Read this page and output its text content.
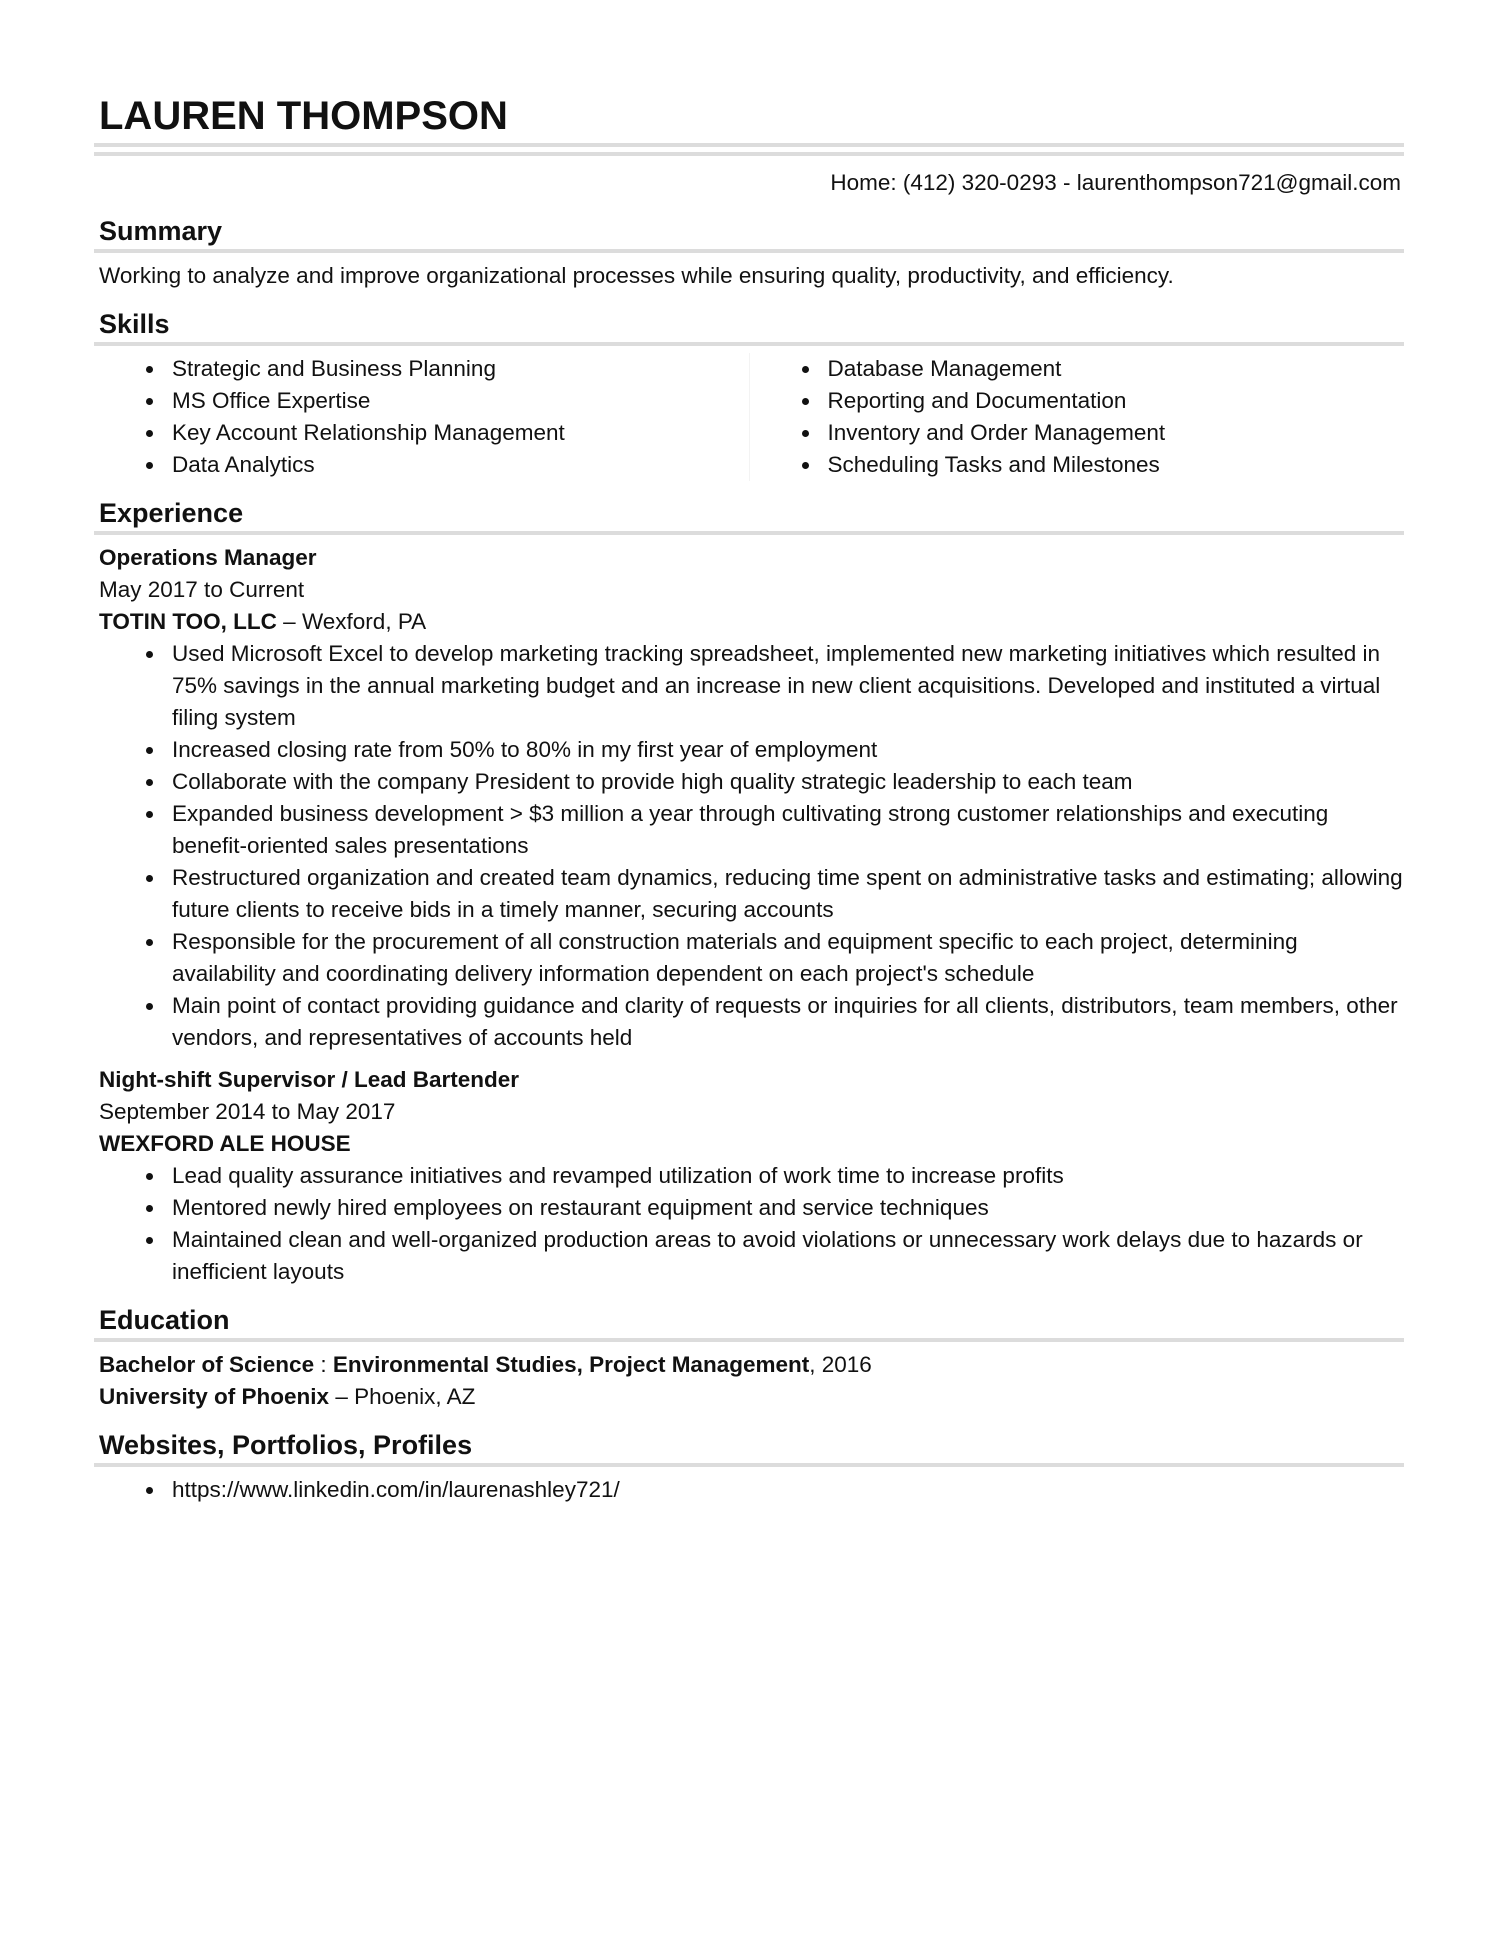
LAUREN THOMPSON
Home: (412) 320-0293 - laurenthompson721@gmail.com
Summary
Working to analyze and improve organizational processes while ensuring quality, productivity, and efficiency.
Skills
Strategic and Business Planning
MS Office Expertise
Key Account Relationship Management
Data Analytics
Database Management
Reporting and Documentation
Inventory and Order Management
Scheduling Tasks and Milestones
Experience
Operations Manager
May 2017 to Current
TOTIN TOO, LLC – Wexford, PA
Used Microsoft Excel to develop marketing tracking spreadsheet, implemented new marketing initiatives which resulted in 75% savings in the annual marketing budget and an increase in new client acquisitions. Developed and instituted a virtual filing system
Increased closing rate from 50% to 80% in my first year of employment
Collaborate with the company President to provide high quality strategic leadership to each team
Expanded business development > $3 million a year through cultivating strong customer relationships and executing benefit-oriented sales presentations
Restructured organization and created team dynamics, reducing time spent on administrative tasks and estimating; allowing future clients to receive bids in a timely manner, securing accounts
Responsible for the procurement of all construction materials and equipment specific to each project, determining availability and coordinating delivery information dependent on each project's schedule
Main point of contact providing guidance and clarity of requests or inquiries for all clients, distributors, team members, other vendors, and representatives of accounts held
Night-shift Supervisor / Lead Bartender
September 2014 to May 2017
WEXFORD ALE HOUSE
Lead quality assurance initiatives and revamped utilization of work time to increase profits
Mentored newly hired employees on restaurant equipment and service techniques
Maintained clean and well-organized production areas to avoid violations or unnecessary work delays due to hazards or inefficient layouts
Education
Bachelor of Science : Environmental Studies, Project Management, 2016
University of Phoenix – Phoenix, AZ
Websites, Portfolios, Profiles
https://www.linkedin.com/in/laurenashley721/
